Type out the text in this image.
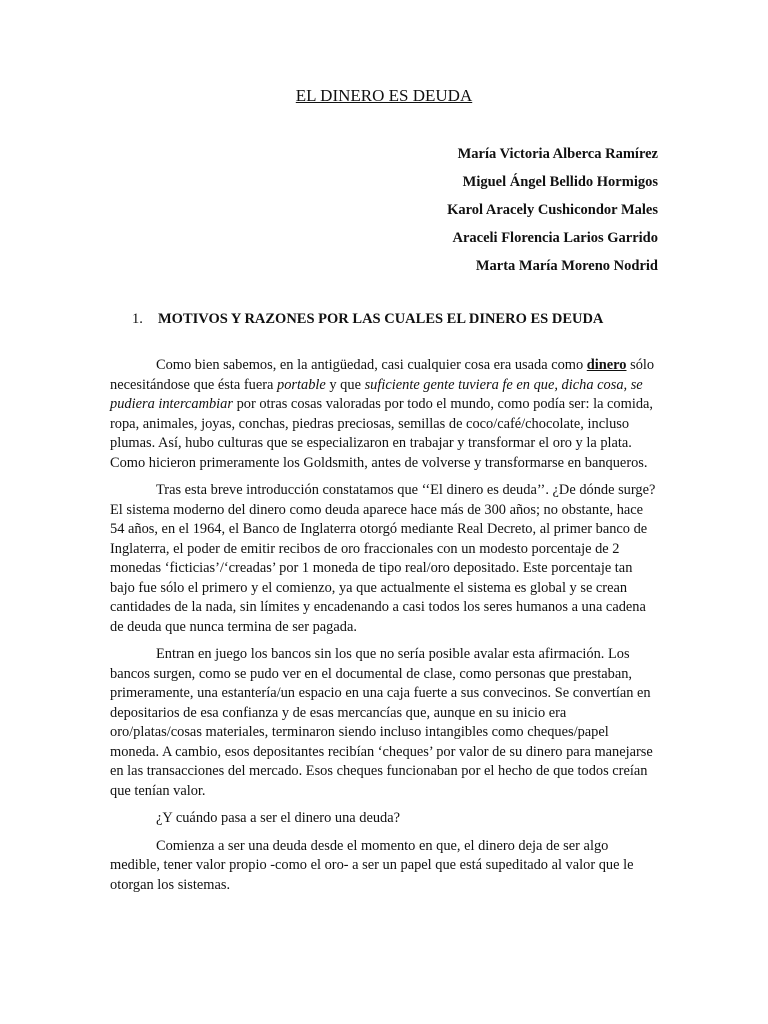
EL DINERO ES DEUDA
María Victoria Alberca Ramírez
Miguel Ángel Bellido Hormigos
Karol Aracely Cushicondor Males
Araceli Florencia Larios Garrido
Marta María Moreno Nodrid
1. MOTIVOS Y RAZONES POR LAS CUALES EL DINERO ES DEUDA

Como bien sabemos, en la antigüedad, casi cualquier cosa era usada como dinero sólo necesitándose que ésta fuera portable y que suficiente gente tuviera fe en que, dicha cosa, se pudiera intercambiar por otras cosas valoradas por todo el mundo, como podía ser: la comida, ropa, animales, joyas, conchas, piedras preciosas, semillas de coco/café/chocolate, incluso plumas. Así, hubo culturas que se especializaron en trabajar y transformar el oro y la plata. Como hicieron primeramente los Goldsmith, antes de volverse y transformarse en banqueros.

Tras esta breve introducción constatamos que ‘‘El dinero es deuda’’. ¿De dónde surge? El sistema moderno del dinero como deuda aparece hace más de 300 años; no obstante, hace 54 años, en el 1964, el Banco de Inglaterra otorgó mediante Real Decreto, al primer banco de Inglaterra, el poder de emitir recibos de oro fraccionales con un modesto porcentaje de 2 monedas ‘ficticias’/‘creadas’ por 1 moneda de tipo real/oro depositado. Este porcentaje tan bajo fue sólo el primero y el comienzo, ya que actualmente el sistema es global y se crean cantidades de la nada, sin límites y encadenando a casi todos los seres humanos a una cadena de deuda que nunca termina de ser pagada.

Entran en juego los bancos sin los que no sería posible avalar esta afirmación. Los bancos surgen, como se pudo ver en el documental de clase, como personas que prestaban, primeramente, una estantería/un espacio en una caja fuerte a sus convecinos. Se convertían en depositarios de esa confianza y de esas mercancías que, aunque en su inicio era oro/platas/cosas materiales, terminaron siendo incluso intangibles como cheques/papel moneda. A cambio, esos depositantes recibían ‘cheques’ por valor de su dinero para manejarse en las transacciones del mercado. Esos cheques funcionaban por el hecho de que todos creían que tenían valor.

¿Y cuándo pasa a ser el dinero una deuda?

Comienza a ser una deuda desde el momento en que, el dinero deja de ser algo medible, tener valor propio -como el oro- a ser un papel que está supeditado al valor que le otorgan los sistemas.
